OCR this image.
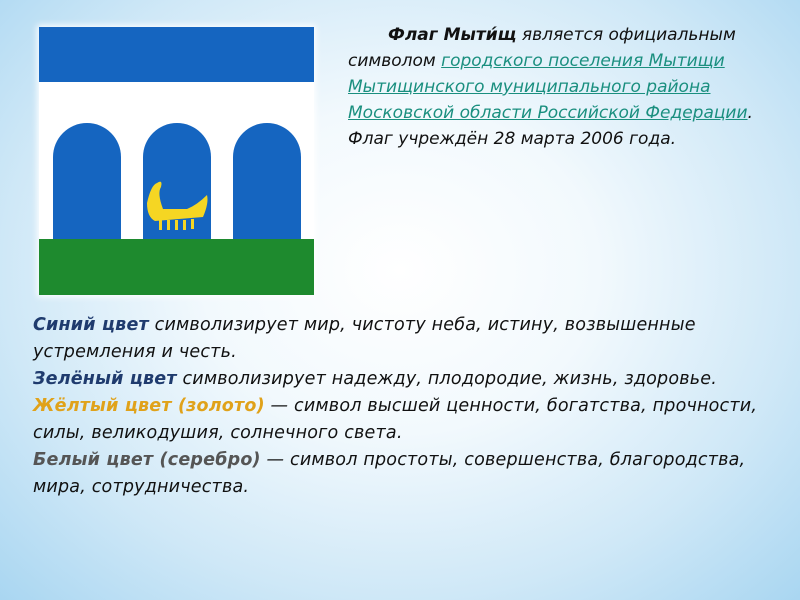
Флаг Мыти́щ является официальным символом городского поселения Мытищи Мытищинского муниципального района Московской области Российской Федерации. Флаг учреждён 28 марта 2006 года.

Синий цвет символизирует мир, чистоту неба, истину, возвышенные устремления и честь.

Зелёный цвет символизирует надежду, плодородие, жизнь, здоровье.

Жёлтый цвет (золото) — символ высшей ценности, богатства, прочности, силы, великодушия, солнечного света.

Белый цвет (серебро) — символ простоты, совершенства, благородства, мира, сотрудничества.
